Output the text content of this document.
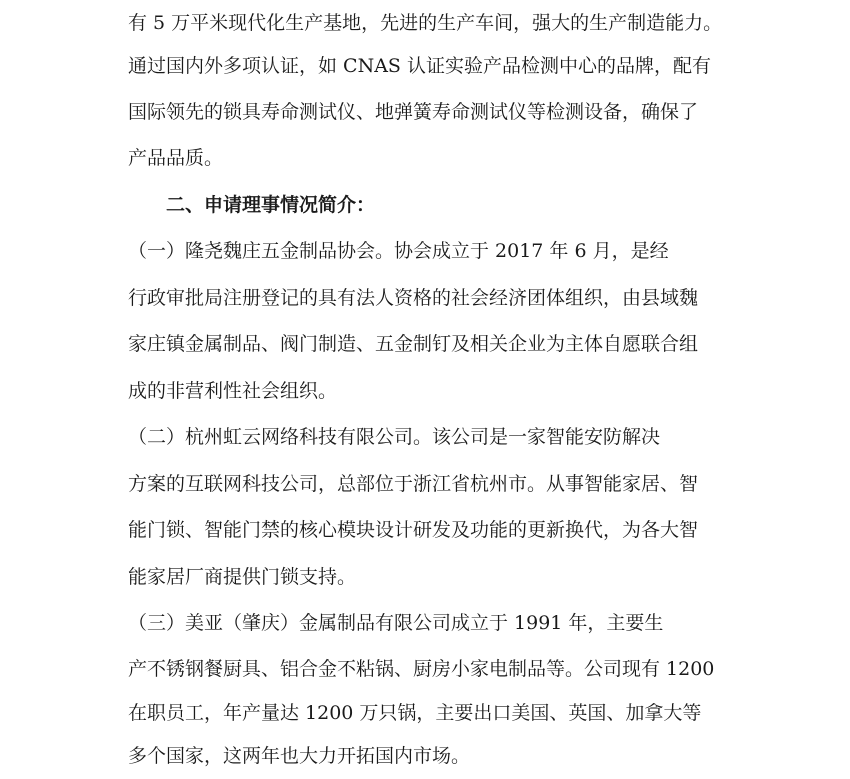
有 5 万平米现代化生产基地，先进的生产车间，强大的生产制造能力。
通过国内外多项认证，如 CNAS 认证实验产品检测中心的品牌，配有
国际领先的锁具寿命测试仪、地弹簧寿命测试仪等检测设备，确保了
产品品质。
二、申请理事情况简介：
（一）隆尧魏庄五金制品协会。协会成立于 2017 年 6 月，是经
行政审批局注册登记的具有法人资格的社会经济团体组织，由县域魏
家庄镇金属制品、阀门制造、五金制钉及相关企业为主体自愿联合组
成的非营利性社会组织。
（二）杭州虹云网络科技有限公司。该公司是一家智能安防解决
方案的互联网科技公司，总部位于浙江省杭州市。从事智能家居、智
能门锁、智能门禁的核心模块设计研发及功能的更新换代，为各大智
能家居厂商提供门锁支持。
（三）美亚（肇庆）金属制品有限公司成立于 1991 年，主要生
产不锈钢餐厨具、铝合金不粘锅、厨房小家电制品等。公司现有 1200
在职员工，年产量达 1200 万只锅，主要出口美国、英国、加拿大等
多个国家，这两年也大力开拓国内市场。
